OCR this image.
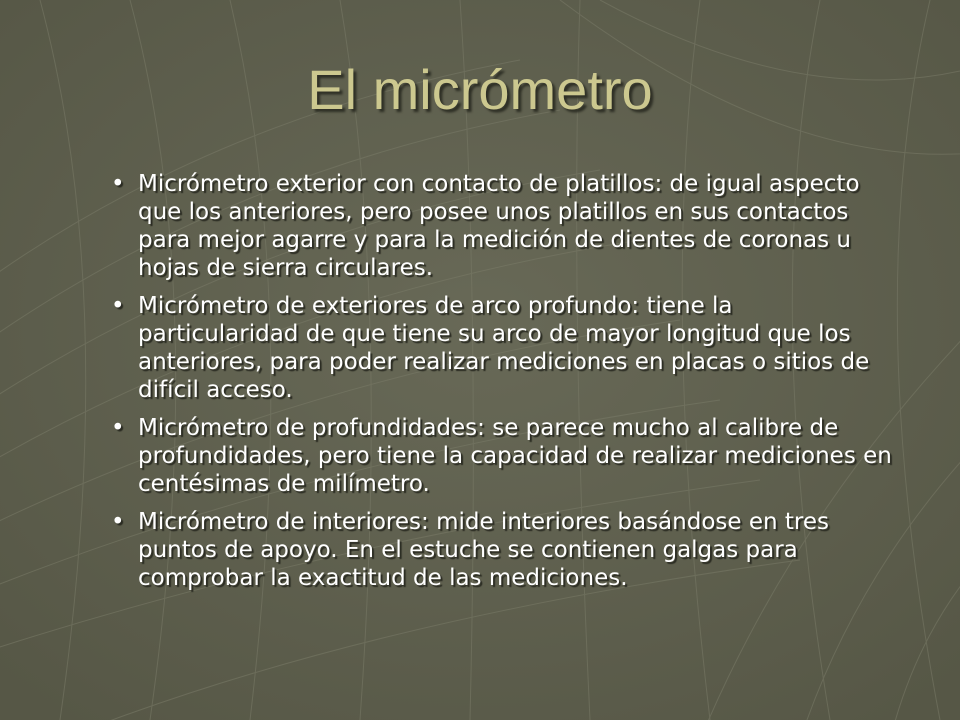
El micrómetro
• Micrómetro exterior con contacto de platillos: de igual aspecto que los anteriores, pero posee unos platillos en sus contactos para mejor agarre y para la medición de dientes de coronas u hojas de sierra circulares.
• Micrómetro de exteriores de arco profundo: tiene la particularidad de que tiene su arco de mayor longitud que los anteriores, para poder realizar mediciones en placas o sitios de difícil acceso.
• Micrómetro de profundidades: se parece mucho al calibre de profundidades, pero tiene la capacidad de realizar mediciones en centésimas de milímetro.
• Micrómetro de interiores: mide interiores basándose en tres puntos de apoyo. En el estuche se contienen galgas para comprobar la exactitud de las mediciones.
